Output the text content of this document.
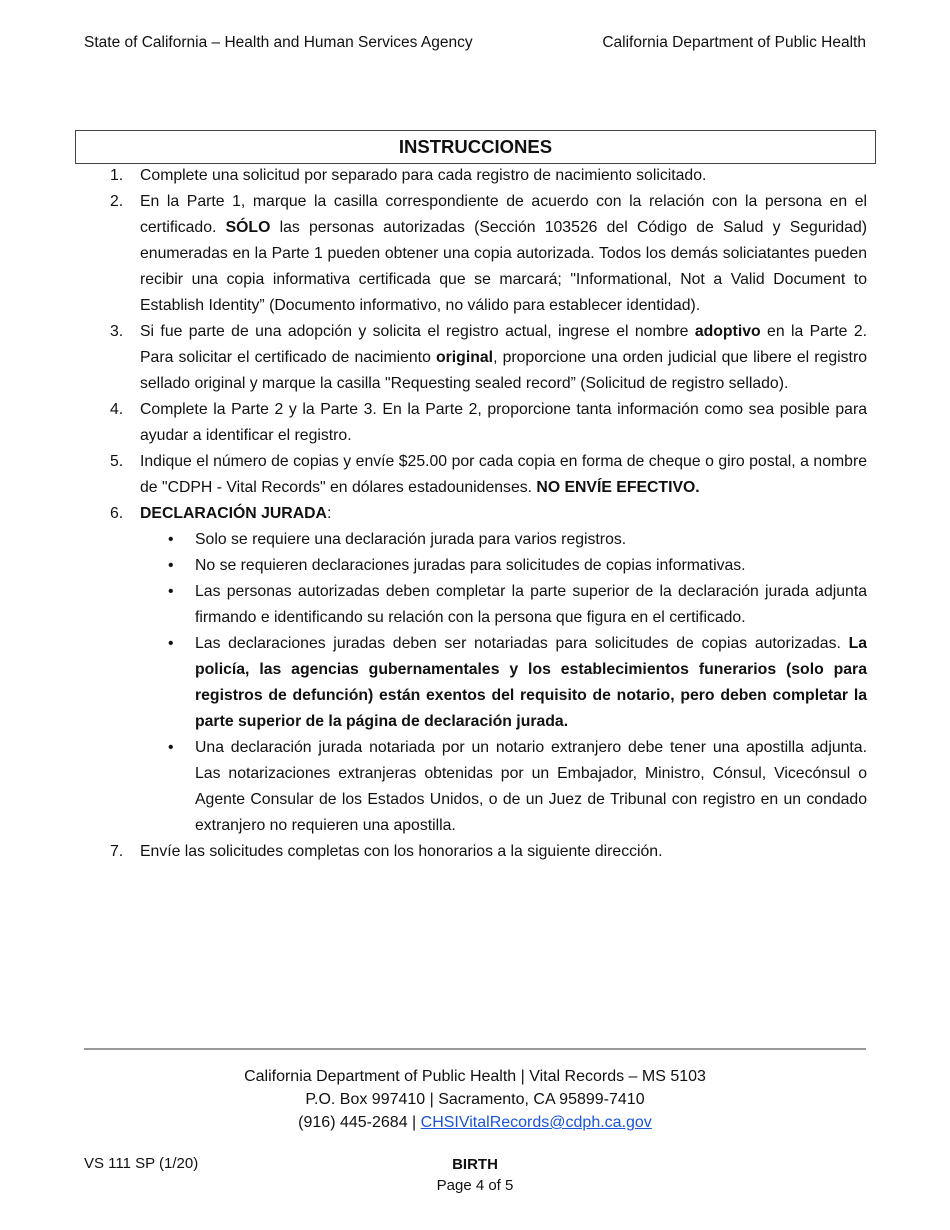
State of California – Health and Human Services Agency	California Department of Public Health
INSTRUCCIONES
1.	Complete una solicitud por separado para cada registro de nacimiento solicitado.
2.	En la Parte 1, marque la casilla correspondiente de acuerdo con la relación con la persona en el certificado. SÓLO las personas autorizadas (Sección 103526 del Código de Salud y Seguridad) enumeradas en la Parte 1 pueden obtener una copia autorizada. Todos los demás soliciatantes pueden recibir una copia informativa certificada que se marcará; "Informational, Not a Valid Document to Establish Identity” (Documento informativo, no válido para establecer identidad).
3.	Si fue parte de una adopción y solicita el registro actual, ingrese el nombre adoptivo en la Parte 2. Para solicitar el certificado de nacimiento original, proporcione una orden judicial que libere el registro sellado original y marque la casilla "Requesting sealed record” (Solicitud de registro sellado).
4.	Complete la Parte 2 y la Parte 3. En la Parte 2, proporcione tanta información como sea posible para ayudar a identificar el registro.
5.	Indique el número de copias y envíe $25.00 por cada copia en forma de cheque o giro postal, a nombre de "CDPH - Vital Records" en dólares estadounidenses. NO ENVÍE EFECTIVO.
6.	DECLARACIÓN JURADA:
•	Solo se requiere una declaración jurada para varios registros.
•	No se requieren declaraciones juradas para solicitudes de copias informativas.
•	Las personas autorizadas deben completar la parte superior de la declaración jurada adjunta firmando e identificando su relación con la persona que figura en el certificado.
•	Las declaraciones juradas deben ser notariadas para solicitudes de copias autorizadas. La policía, las agencias gubernamentales y los establecimientos funerarios (solo para registros de defunción) están exentos del requisito de notario, pero deben completar la parte superior de la página de declaración jurada.
•	Una declaración jurada notariada por un notario extranjero debe tener una apostilla adjunta. Las notarizaciones extranjeras obtenidas por un Embajador, Ministro, Cónsul, Vicecónsul o Agente Consular de los Estados Unidos, o de un Juez de Tribunal con registro en un condado extranjero no requieren una apostilla.
7.	Envíe las solicitudes completas con los honorarios a la siguiente dirección.
California Department of Public Health | Vital Records – MS 5103
P.O. Box 997410 | Sacramento, CA 95899-7410
(916) 445-2684 | CHSIVitalRecords@cdph.ca.gov
VS 111 SP (1/20)	BIRTH
Page 4 of 5
